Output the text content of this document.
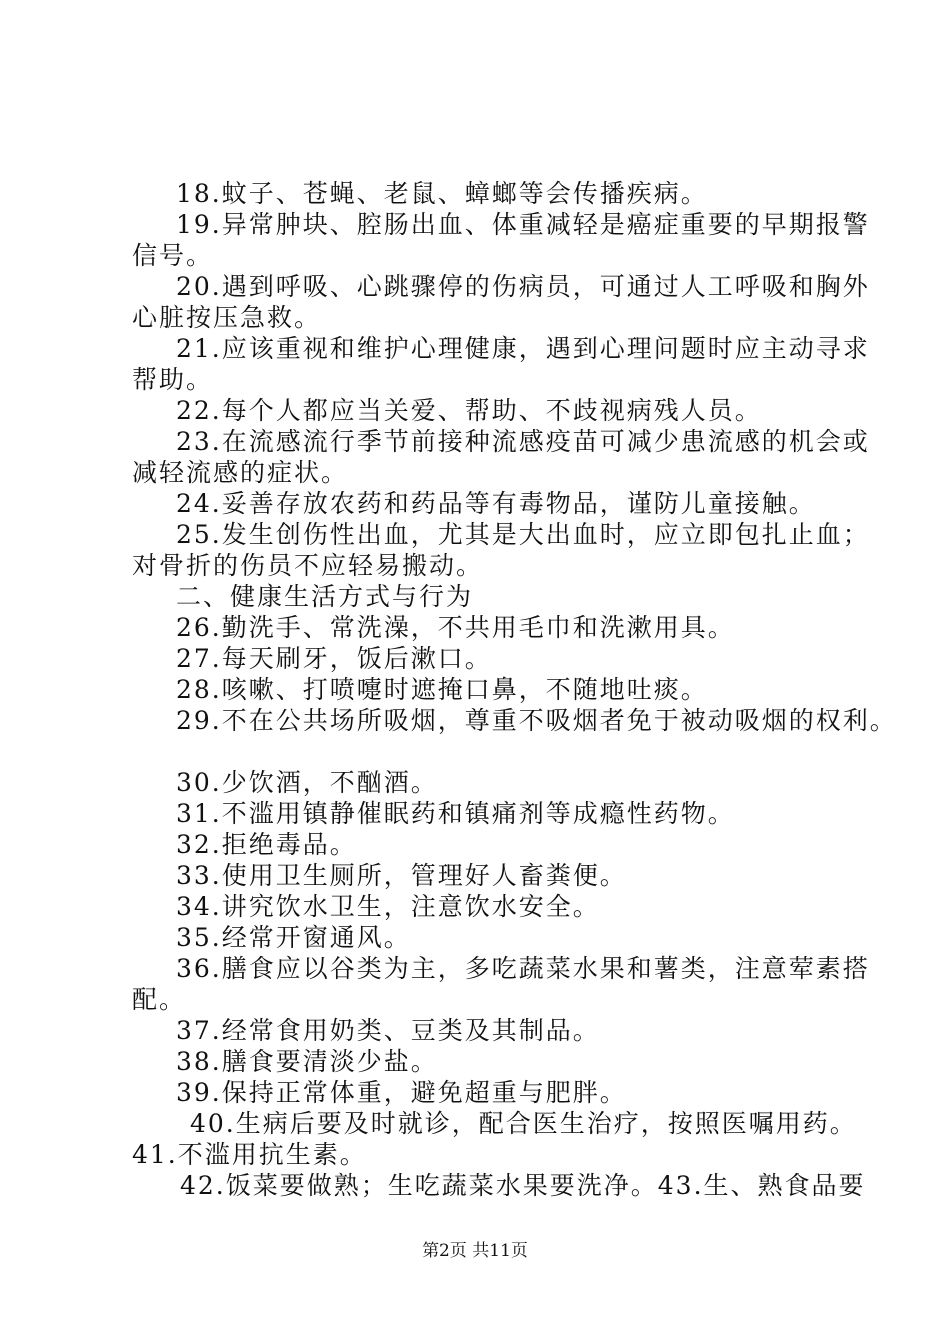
18.蚊子、苍蝇、老鼠、蟑螂等会传播疾病。

19.异常肿块、腔肠出血、体重减轻是癌症重要的早期报警

信号。

20.遇到呼吸、心跳骤停的伤病员，可通过人工呼吸和胸外

心脏按压急救。

21.应该重视和维护心理健康，遇到心理问题时应主动寻求

帮助。

22.每个人都应当关爱、帮助、不歧视病残人员。

23.在流感流行季节前接种流感疫苗可减少患流感的机会或

减轻流感的症状。

24.妥善存放农药和药品等有毒物品，谨防儿童接触。

25.发生创伤性出血，尤其是大出血时，应立即包扎止血；

对骨折的伤员不应轻易搬动。

二、健康生活方式与行为

26.勤洗手、常洗澡，不共用毛巾和洗漱用具。

27.每天刷牙，饭后漱口。

28.咳嗽、打喷嚏时遮掩口鼻，不随地吐痰。

29.不在公共场所吸烟，尊重不吸烟者免于被动吸烟的权利。

30.少饮酒，不酗酒。

31.不滥用镇静催眠药和镇痛剂等成瘾性药物。

32.拒绝毒品。

33.使用卫生厕所，管理好人畜粪便。

34.讲究饮水卫生，注意饮水安全。

35.经常开窗通风。

36.膳食应以谷类为主，多吃蔬菜水果和薯类，注意荤素搭

配。

37.经常食用奶类、豆类及其制品。

38.膳食要清淡少盐。

39.保持正常体重，避免超重与肥胖。

40.生病后要及时就诊，配合医生治疗，按照医嘱用药。

41.不滥用抗生素。

42.饭菜要做熟；生吃蔬菜水果要洗净。43.生、熟食品要

第2页 共11页
